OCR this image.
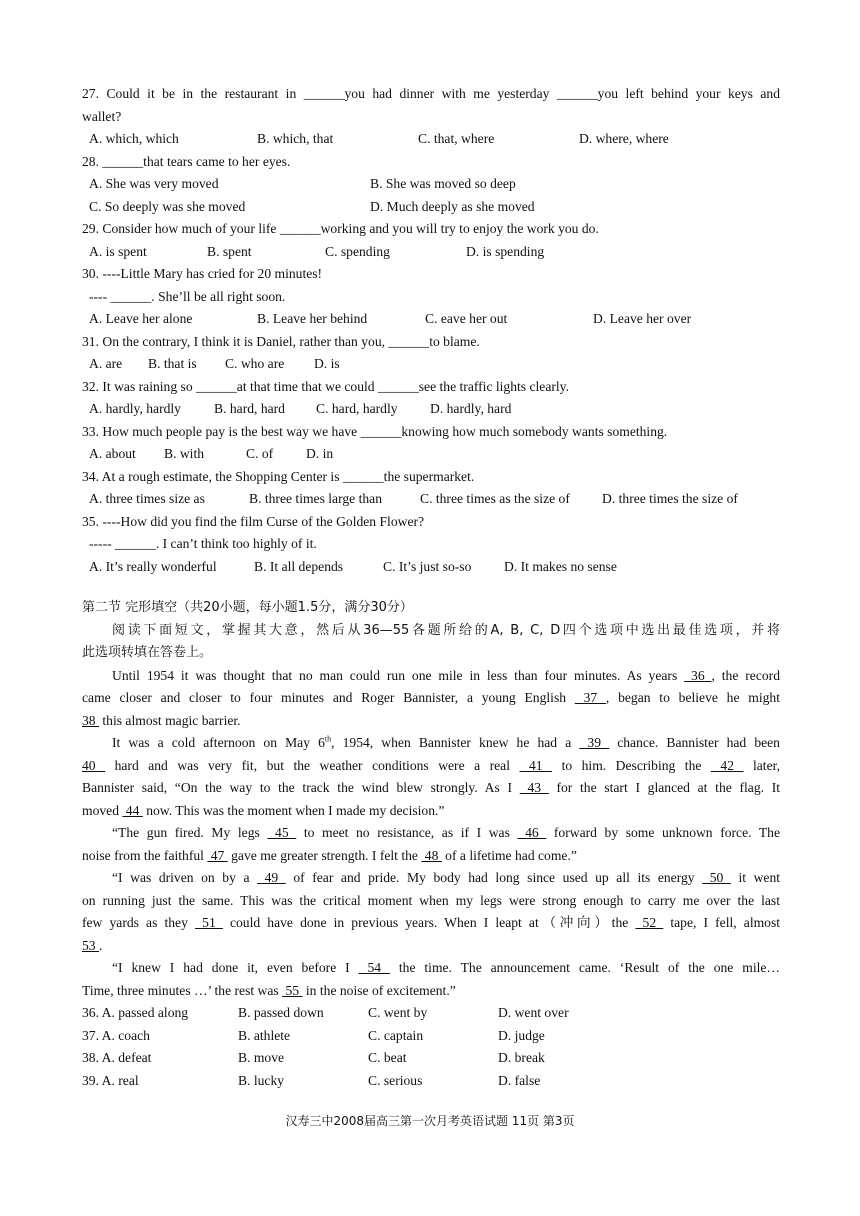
27. Could it be in the restaurant in ______you had dinner with me yesterday ______you left behind your keys and
wallet?
A. which, which	B. which, that	C. that, where	D. where, where
28. ______that tears came to her eyes.
A. She was very moved	B. She was moved so deep
C. So deeply was she moved	D. Much deeply as she moved
29. Consider how much of your life ______working and you will try to enjoy the work you do.
A. is spent	B. spent	C. spending	D. is spending
30. ----Little Mary has cried for 20 minutes!
---- ______. She’ll be all right soon.
A. Leave her alone	B. Leave her behind	C. eave her out	D. Leave her over
31. On the contrary, I think it is Daniel, rather than you, ______to blame.
A. are	B. that is	C. who are	D. is
32. It was raining so ______at that time that we could ______see the traffic lights clearly.
A. hardly, hardly	B. hard, hard	C. hard, hardly	D. hardly, hard
33. How much people pay is the best way we have ______knowing how much somebody wants something.
A. about	B. with	C. of	D. in
34. At a rough estimate, the Shopping Center is ______the supermarket.
A. three times size as	B. three times large than	C. three times as the size of	D. three times the size of
35. ----How did you find the film Curse of the Golden Flower?
----- ______. I can’t think too highly of it.
A. It’s really wonderful	B. It all depends	C. It’s just so-so	D. It makes no sense
第二节 完形填空（共20小题，每小题1.5分，满分30分）
阅读下面短文，掌握其大意，然后从36—55各题所给的A, B, C, D四个选项中选出最佳选项，并将
此选项转填在答卷上。
Until 1954 it was thought that no man could run one mile in less than four minutes. As years  36 , the record
came closer and closer to four minutes and Roger Bannister, a young English  37 , began to believe he might
38  this almost magic barrier.
It was a cold afternoon on May 6th, 1954, when Bannister knew he had a  39  chance. Bannister had been
40  hard and was very fit, but the weather conditions were a real  41  to him. Describing the  42  later,
Bannister said, “On the way to the track the wind blew strongly. As I  43  for the start I glanced at the flag. It
moved  44  now. This was the moment when I made my decision.”
“The gun fired. My legs  45  to meet no resistance, as if I was  46  forward by some unknown force. The
noise from the faithful  47  gave me greater strength. I felt the  48  of a lifetime had come.”
“I was driven on by a  49  of fear and pride. My body had long since used up all its energy  50  it went
on running just the same. This was the critical moment when my legs were strong enough to carry me over the last
few yards as they  51  could have done in previous years. When I leapt at（冲向）the  52  tape, I fell, almost
53 .
“I knew I had done it, even before I  54  the time. The announcement came. ‘Result of the one mile…
Time, three minutes …’ the rest was  55  in the noise of excitement.”
36. A. passed along	B. passed down	C. went by	D. went over
37. A. coach	B. athlete	C. captain	D. judge
38. A. defeat	B. move	C. beat	D. break
39. A. real	B. lucky	C. serious	D. false
汉寿三中2008届高三第一次月考英语试题 11页 第3页
